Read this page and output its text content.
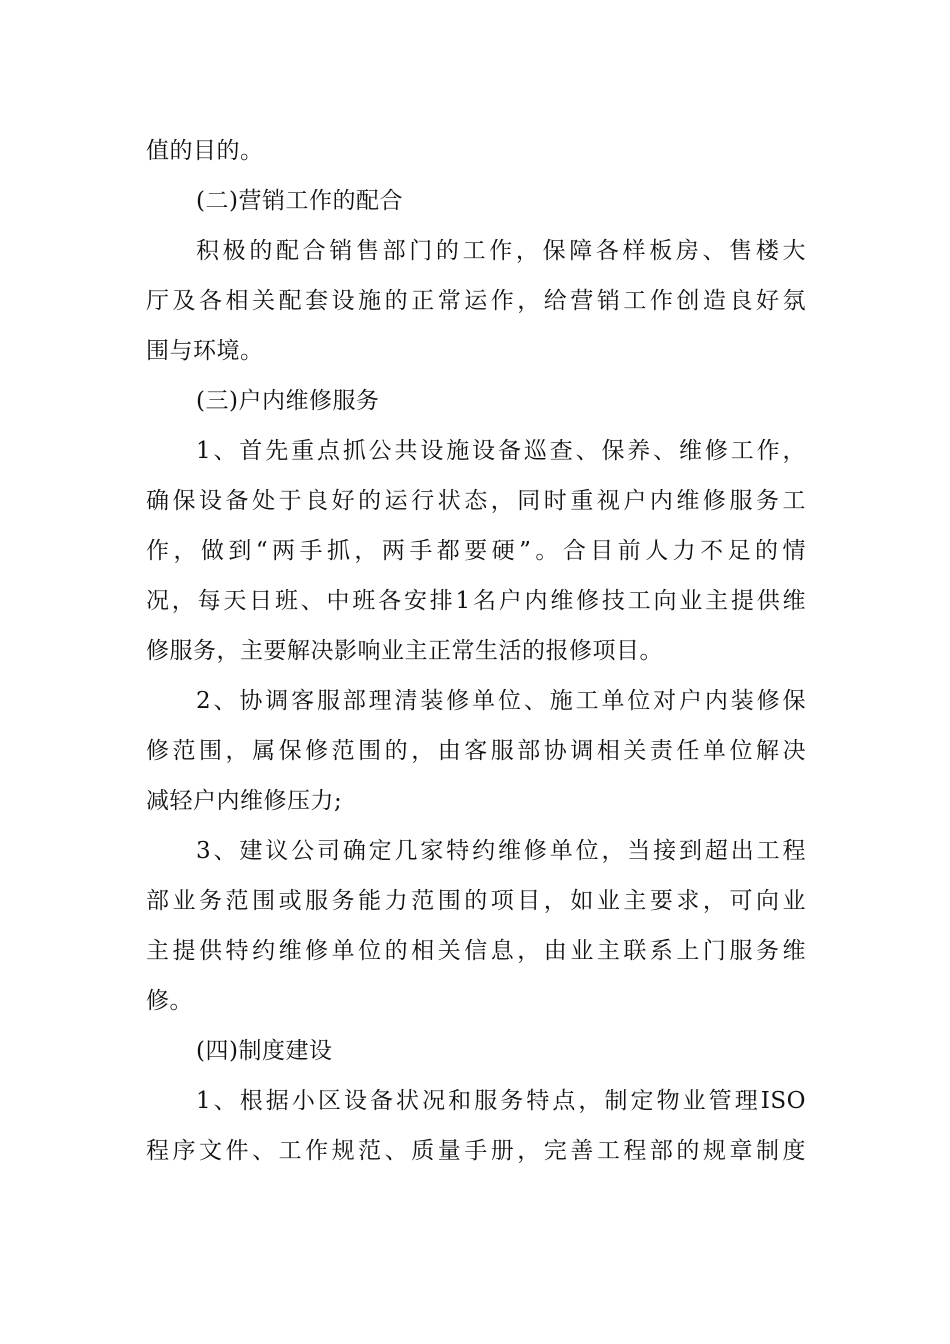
值的目的。
(二)营销工作的配合
积极的配合销售部门的工作，保障各样板房、售楼大
厅及各相关配套设施的正常运作，给营销工作创造良好氛
围与环境。
(三)户内维修服务
1、首先重点抓公共设施设备巡查、保养、维修工作，
确保设备处于良好的运行状态，同时重视户内维修服务工
作，做到“两手抓，两手都要硬”。合目前人力不足的情
况，每天日班、中班各安排1名户内维修技工向业主提供维
修服务，主要解决影响业主正常生活的报修项目。
2、协调客服部理清装修单位、施工单位对户内装修保
修范围，属保修范围的，由客服部协调相关责任单位解决
减轻户内维修压力;
3、建议公司确定几家特约维修单位，当接到超出工程
部业务范围或服务能力范围的项目，如业主要求，可向业
主提供特约维修单位的相关信息，由业主联系上门服务维
修。
(四)制度建设
1、根据小区设备状况和服务特点，制定物业管理ISO
程序文件、工作规范、质量手册，完善工程部的规章制度
